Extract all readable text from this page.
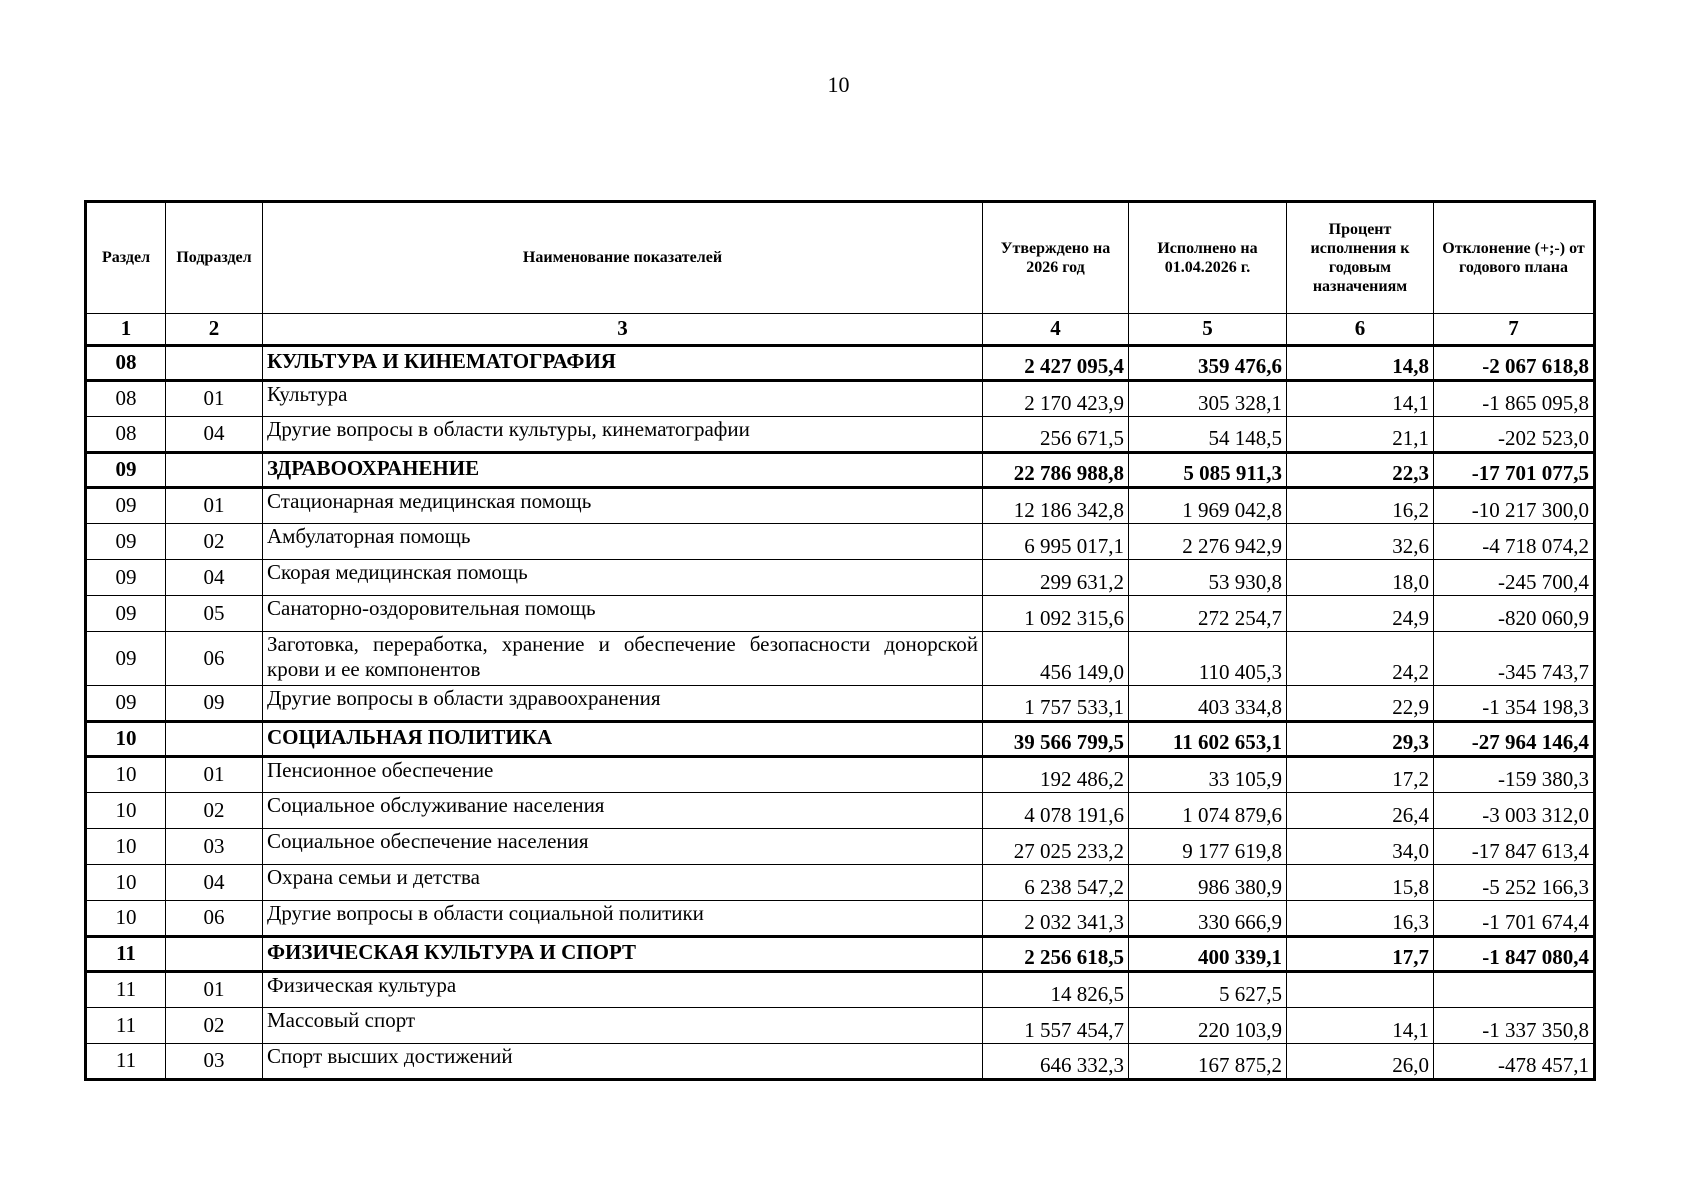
10
Раздел	Подраздел	Наименование показателей	Утверждено на 2026 год	Исполнено на 01.04.2026 г.	Процент исполнения к годовым назначениям	Отклонение (+;-) от годового плана
1	2	3	4	5	6	7
08		КУЛЬТУРА И КИНЕМАТОГРАФИЯ	2 427 095,4	359 476,6	14,8	-2 067 618,8
08	01	Культура	2 170 423,9	305 328,1	14,1	-1 865 095,8
08	04	Другие вопросы в области культуры, кинематографии	256 671,5	54 148,5	21,1	-202 523,0
09		ЗДРАВООХРАНЕНИЕ	22 786 988,8	5 085 911,3	22,3	-17 701 077,5
09	01	Стационарная медицинская помощь	12 186 342,8	1 969 042,8	16,2	-10 217 300,0
09	02	Амбулаторная помощь	6 995 017,1	2 276 942,9	32,6	-4 718 074,2
09	04	Скорая медицинская помощь	299 631,2	53 930,8	18,0	-245 700,4
09	05	Санаторно-оздоровительная помощь	1 092 315,6	272 254,7	24,9	-820 060,9
09	06	Заготовка, переработка, хранение и обеспечение безопасности донорской крови и ее компонентов	456 149,0	110 405,3	24,2	-345 743,7
09	09	Другие вопросы в области здравоохранения	1 757 533,1	403 334,8	22,9	-1 354 198,3
10		СОЦИАЛЬНАЯ ПОЛИТИКА	39 566 799,5	11 602 653,1	29,3	-27 964 146,4
10	01	Пенсионное обеспечение	192 486,2	33 105,9	17,2	-159 380,3
10	02	Социальное обслуживание населения	4 078 191,6	1 074 879,6	26,4	-3 003 312,0
10	03	Социальное обеспечение населения	27 025 233,2	9 177 619,8	34,0	-17 847 613,4
10	04	Охрана семьи и детства	6 238 547,2	986 380,9	15,8	-5 252 166,3
10	06	Другие вопросы в области социальной политики	2 032 341,3	330 666,9	16,3	-1 701 674,4
11		ФИЗИЧЕСКАЯ КУЛЬТУРА И СПОРТ	2 256 618,5	400 339,1	17,7	-1 847 080,4
11	01	Физическая культура	14 826,5	5 627,5		
11	02	Массовый спорт	1 557 454,7	220 103,9	14,1	-1 337 350,8
11	03	Спорт высших достижений	646 332,3	167 875,2	26,0	-478 457,1
